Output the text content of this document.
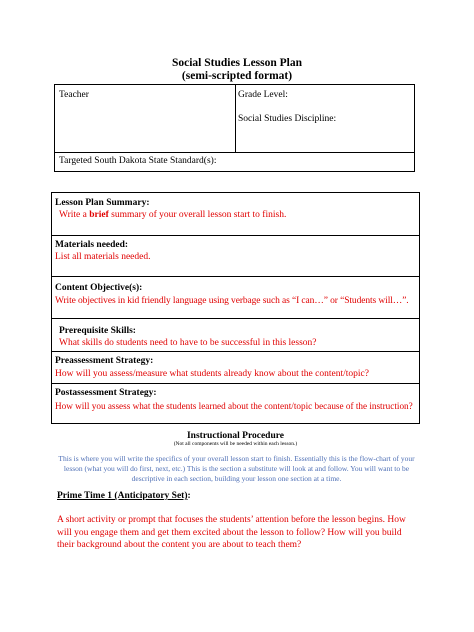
Social Studies Lesson Plan
(semi-scripted format)
Teacher	Grade Level:
Social Studies Discipline:
Targeted South Dakota State Standard(s):
Lesson Plan Summary:
Write a brief summary of your overall lesson start to finish.
Materials needed:
List all materials needed.
Content Objective(s):
Write objectives in kid friendly language using verbage such as “I can…” or “Students will…”.
Prerequisite Skills:
What skills do students need to have to be successful in this lesson?
Preassessment Strategy:
How will you assess/measure what students already know about the content/topic?
Postassessment Strategy:
How will you assess what the students learned about the content/topic because of the instruction?
Instructional Procedure
(Not all components will be needed within each lesson.)
This is where you will write the specifics of your overall lesson start to finish. Essentially this is the flow-chart of your lesson (what you will do first, next, etc.) This is the section a substitute will look at and follow. You will want to be descriptive in each section, building your lesson one section at a time.
Prime Time 1 (Anticipatory Set):
A short activity or prompt that focuses the students’ attention before the lesson begins. How will you engage them and get them excited about the lesson to follow? How will you build their background about the content you are about to teach them?
